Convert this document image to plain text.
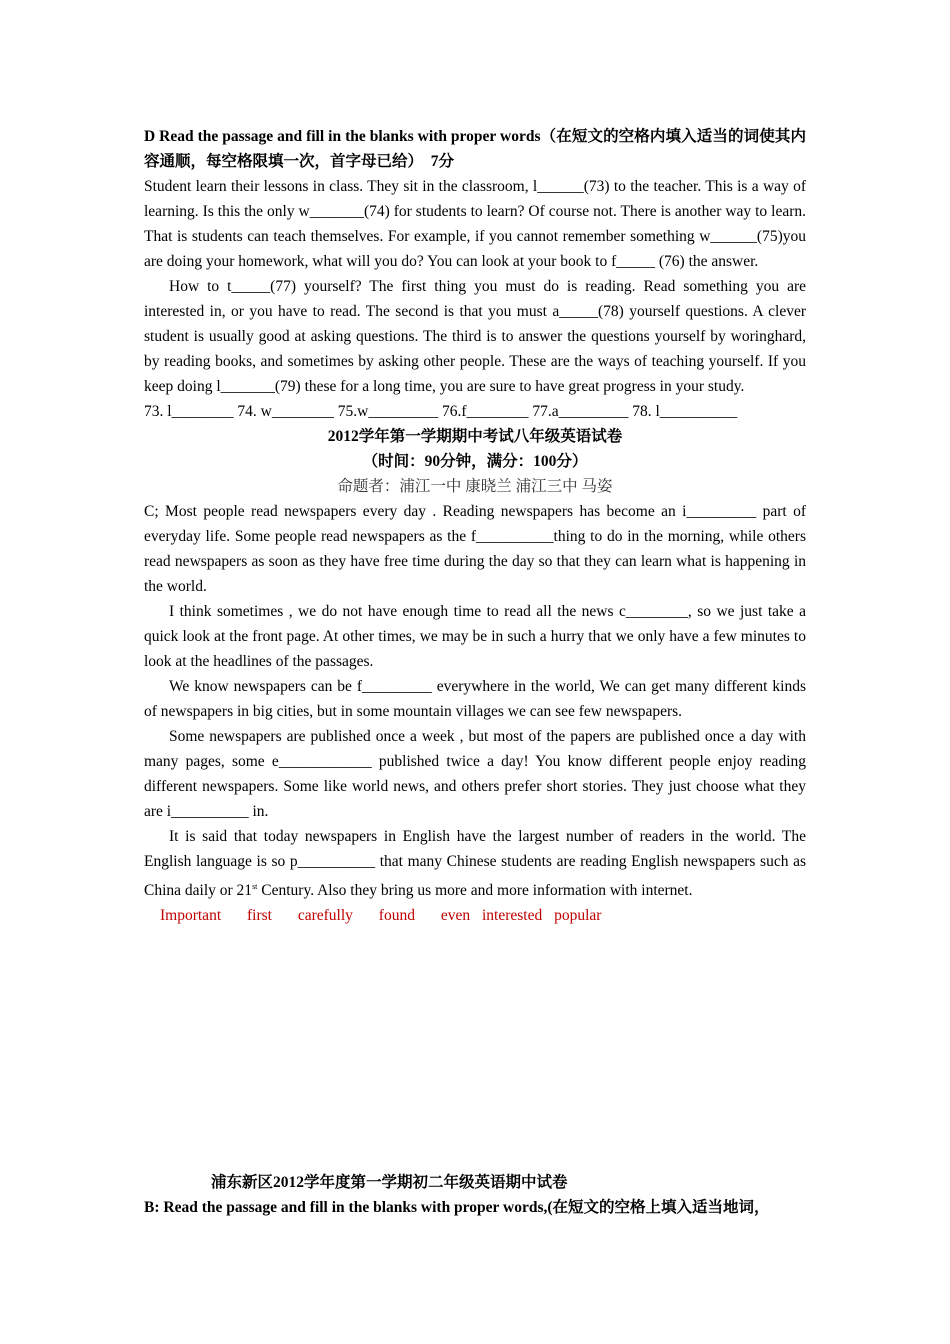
D Read the passage and fill in the blanks with proper words（在短文的空格内填入适当的词使其内容通顺，每空格限填一次，首字母已给）　7分

Student learn their lessons in class. They sit in the classroom, l______(73) to the teacher. This is a way of learning. Is this the only w_______(74) for students to learn? Of course not. There is another way to learn. That is students can teach themselves. For example, if you cannot remember something w______(75)you are doing your homework, what will you do? You can look at your book to f_____ (76) the answer.

How to t_____(77) yourself? The first thing you must do is reading. Read something you are interested in, or you have to read. The second is that you must a_____(78) yourself questions. A clever student is usually good at asking questions. The third is to answer the questions yourself by woringhard, by reading books, and sometimes by asking other people. These are the ways of teaching yourself. If you keep doing l_______(79) these for a long time, you are sure to have great progress in your study.

73. l________ 74. w________ 75.w_________ 76.f________ 77.a_________ 78. l__________

2012学年第一学期期中考试八年级英语试卷

（时间：90分钟，满分：100分）

命题者：浦江一中 康晓兰 浦江三中 马姿

C; Most people read newspapers every day . Reading newspapers has become an i_________ part of everyday life. Some people read newspapers as the f__________thing to do in the morning, while others read newspapers as soon as they have free time during the day so that they can learn what is happening in the world.

I think sometimes , we do not have enough time to read all the news c________, so we just take a quick look at the front page. At other times, we may be in such a hurry that we only have a few minutes to look at the headlines of the passages.

We know newspapers can be f_________ everywhere in the world, We can get many different kinds of newspapers in big cities, but in some mountain villages we can see few newspapers.

Some newspapers are published once a week , but most of the papers are published once a day with many pages, some e____________ published twice a day! You know different people enjoy reading different newspapers. Some like world news, and others prefer short stories. They just choose what they are i__________ in.

It is said that today newspapers in English have the largest number of readers in the world. The English language is so p__________ that many Chinese students are reading English newspapers such as China daily or 21st Century. Also they bring us more and more information with internet.

Important first carefully found even interested popular

浦东新区2012学年度第一学期初二年级英语期中试卷

B: Read the passage and fill in the blanks with proper words,(在短文的空格上填入适当地词，
